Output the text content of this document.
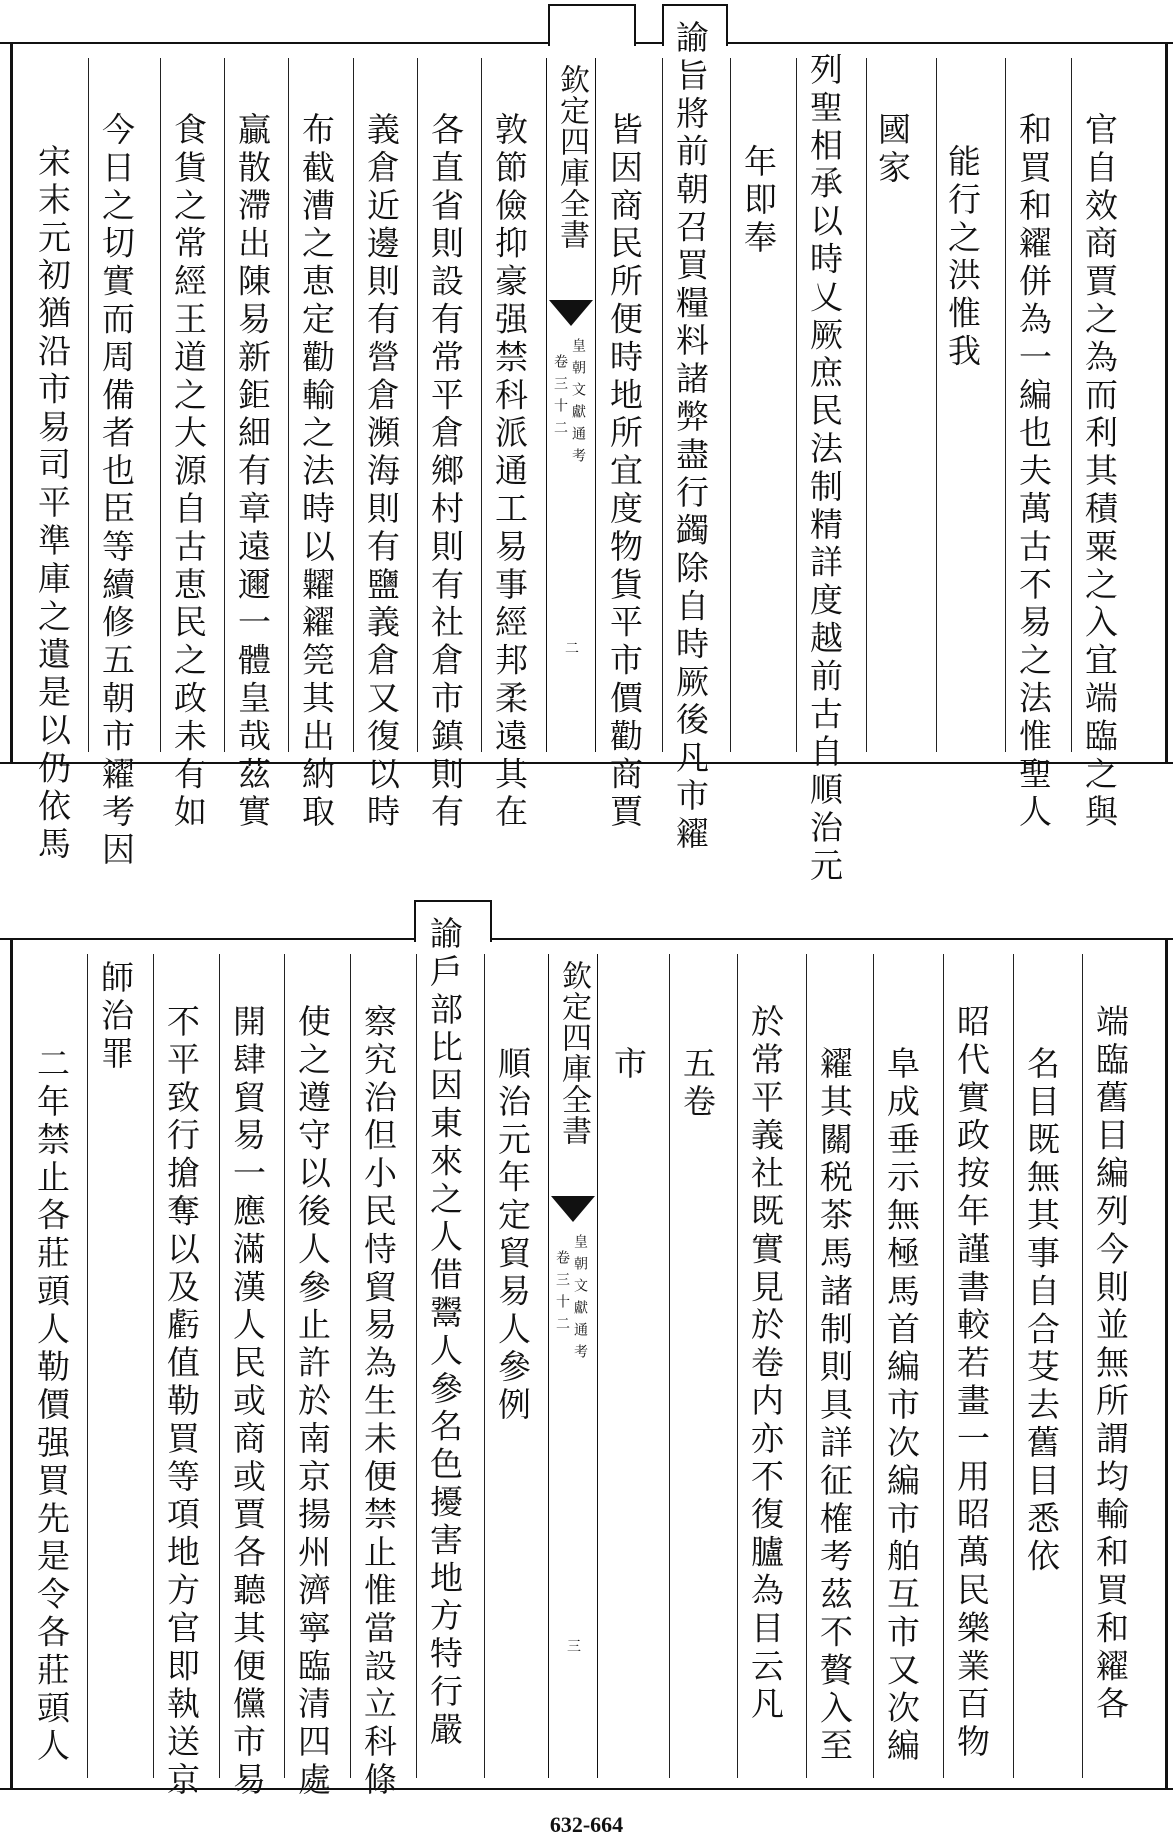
官自效商賈之為而利其積粟之入宜端臨之與
和買和糴併為一編也夫萬古不易之法惟聖人
能行之洪惟我
國家
列聖相承以時乂厥庶民法制精詳度越前古自順治元
年即奉
諭旨將前朝召買糧料諸弊盡行蠲除自時厥後凡市糴
皆因商民所便時地所宜度物貨平市價勸商賈
欽定四庫全書
皇朝文獻通考
卷三十二
二
敦節儉抑豪强禁科派通工易事經邦柔遠其在
各直省則設有常平倉鄉村則有社倉市鎮則有
義倉近邊則有營倉瀕海則有鹽義倉又復以時
布截漕之恵定勸輸之法時以糶糴筦其出納取
贏散滯出陳易新鉅細有章遠邇一體皇哉茲實
食貨之常經王道之大源自古恵民之政未有如
今日之切實而周備者也臣等續修五朝市糴考因
宋末元初猶沿市易司平準庫之遺是以仍依馬
端臨舊目編列今則並無所謂均輸和買和糴各
名目既無其事自合芟去舊目悉依
昭代實政按年謹書較若畫一用昭萬民樂業百物
阜成垂示無極馬首編市次編市舶互市又次編
糴其關税茶馬諸制則具詳征榷考茲不贅入至
於常平義社既實見於卷内亦不復臚為目云凡
五卷
市
欽定四庫全書
皇朝文獻通考
卷三十二
三
順治元年定貿易人參例
諭戶部比因東來之人借鬻人參名色擾害地方特行嚴
察究治但小民恃貿易為生未便禁止惟當設立科條
使之遵守以後人參止許於南京揚州濟寧臨清四處
開肆貿易一應滿漢人民或商或賈各聽其便儻市易
不平致行搶奪以及虧值勒買等項地方官即執送京
師治罪
二年禁止各莊頭人勒價强買先是令各莊頭人
632-664
